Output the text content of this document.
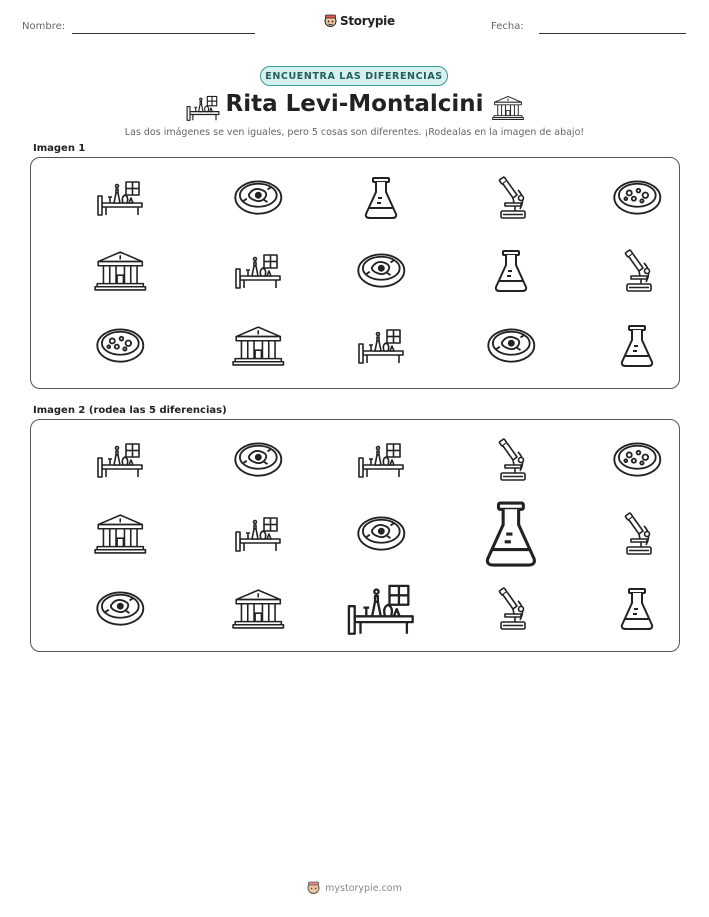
Nombre:	Storypie	Fecha:
ENCUENTRA LAS DIFERENCIAS
Rita Levi-Montalcini
Las dos imágenes se ven iguales, pero 5 cosas son diferentes. ¡Rodealas en la imagen de abajo!
Imagen 1
Imagen 2 (rodea las 5 diferencias)
mystorypie.com
